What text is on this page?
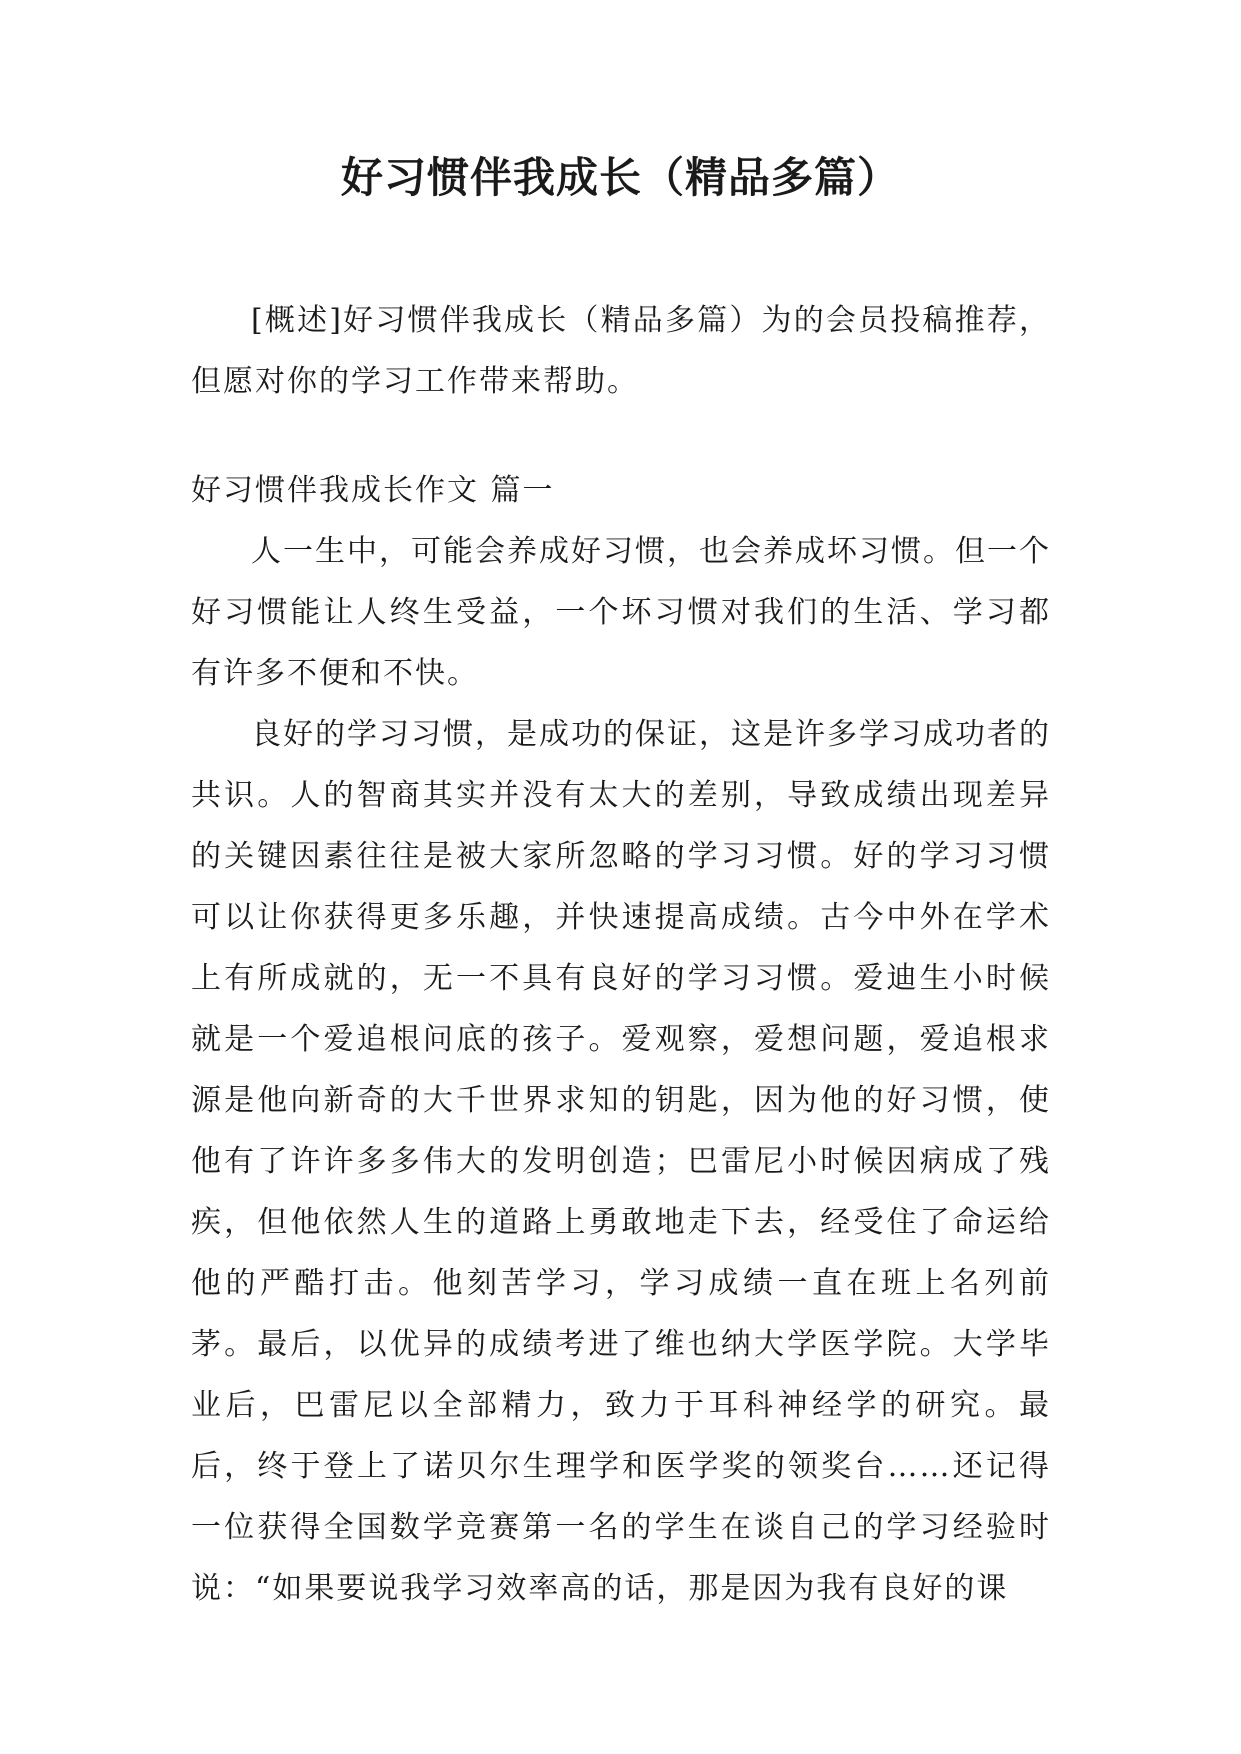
好习惯伴我成长（精品多篇）

[概述]好习惯伴我成长（精品多篇）为的会员投稿推荐，但愿对你的学习工作带来帮助。

好习惯伴我成长作文 篇一

人一生中，可能会养成好习惯，也会养成坏习惯。但一个好习惯能让人终生受益，一个坏习惯对我们的生活、学习都有许多不便和不快。

良好的学习习惯，是成功的保证，这是许多学习成功者的共识。人的智商其实并没有太大的差别，导致成绩出现差异的关键因素往往是被大家所忽略的学习习惯。好的学习习惯可以让你获得更多乐趣，并快速提高成绩。古今中外在学术上有所成就的，无一不具有良好的学习习惯。爱迪生小时候就是一个爱追根问底的孩子。爱观察，爱想问题，爱追根求源是他向新奇的大千世界求知的钥匙，因为他的好习惯，使他有了许许多多伟大的发明创造；巴雷尼小时候因病成了残疾，但他依然人生的道路上勇敢地走下去，经受住了命运给他的严酷打击。他刻苦学习，学习成绩一直在班上名列前茅。最后，以优异的成绩考进了维也纳大学医学院。大学毕业后，巴雷尼以全部精力，致力于耳科神经学的研究。最后，终于登上了诺贝尔生理学和医学奖的领奖台……还记得一位获得全国数学竞赛第一名的学生在谈自己的学习经验时说：“如果要说我学习效率高的话，那是因为我有良好的课
